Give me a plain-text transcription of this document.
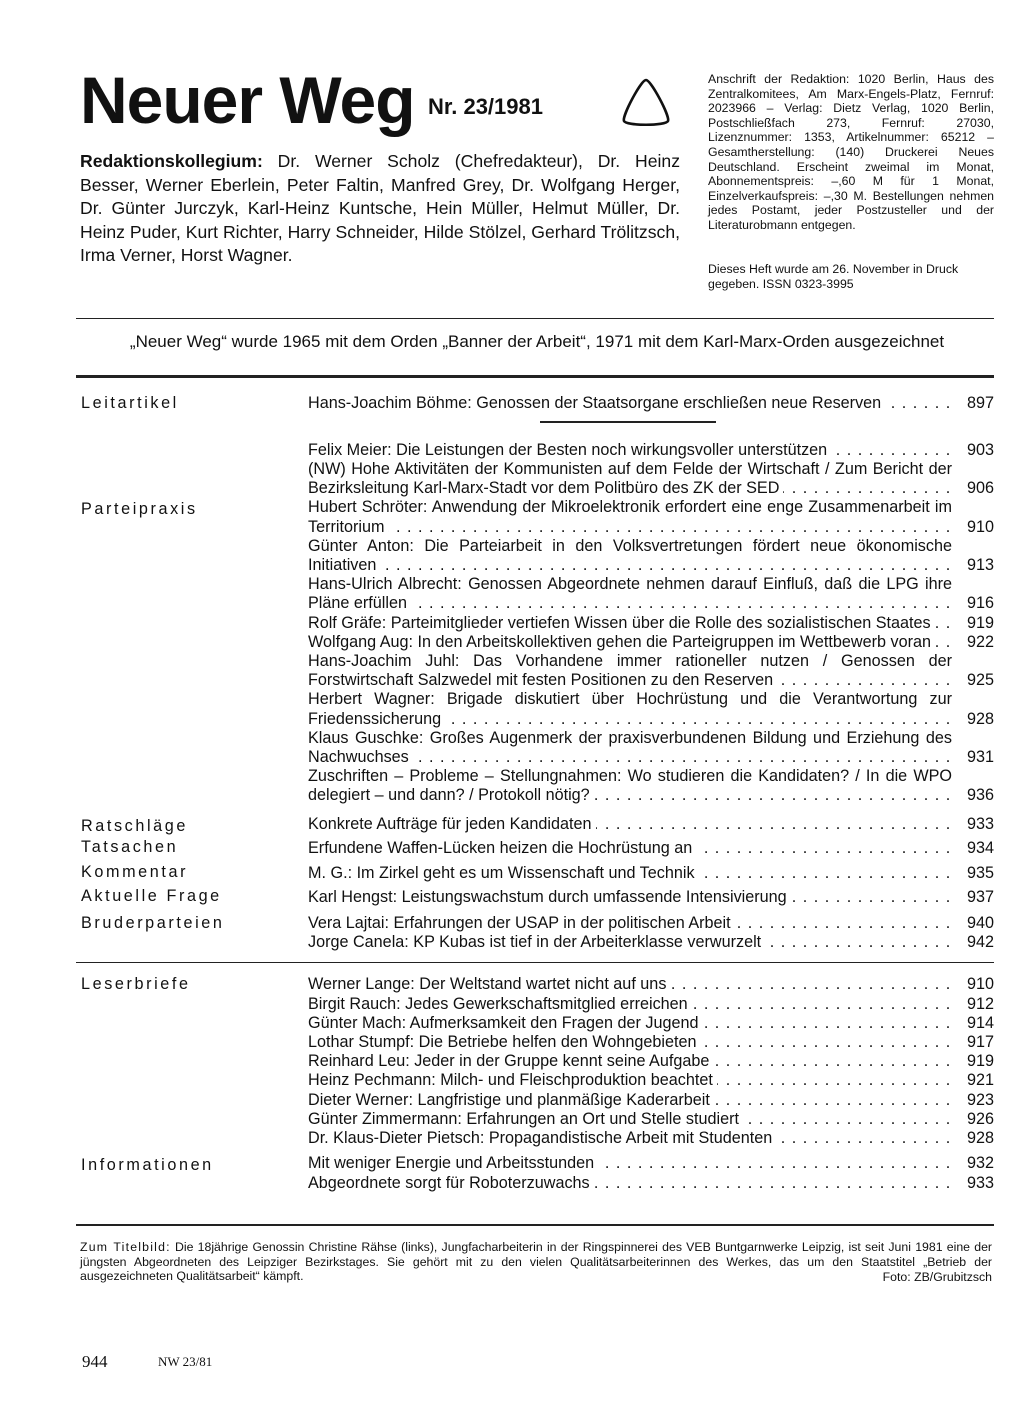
Neuer Weg Nr. 23/1981
Redaktionskollegium: Dr. Werner Scholz (Chefredakteur), Dr. Heinz Besser, Werner Eberlein, Peter Faltin, Manfred Grey, Dr. Wolfgang Herger, Dr. Günter Jurczyk, Karl-Heinz Kuntsche, Hein Müller, Helmut Müller, Dr. Heinz Puder, Kurt Richter, Harry Schneider, Hilde Stölzel, Gerhard Trölitzsch, Irma Verner, Horst Wagner.
Anschrift der Redaktion: 1020 Berlin, Haus des Zentralkomitees, Am Marx-Engels-Platz, Fernruf: 2023966 – Verlag: Dietz Verlag, 1020 Berlin, Postschließfach 273, Fernruf: 27030, Lizenznummer: 1353, Artikelnummer: 65212 – Gesamtherstellung: (140) Druckerei Neues Deutschland. Erscheint zweimal im Monat, Abonnementspreis: –,60 M für 1 Monat, Einzelverkaufspreis: –,30 M. Bestellungen nehmen jedes Postamt, jeder Postzusteller und der Literaturobmann entgegen.
Dieses Heft wurde am 26. November in Druck gegeben. ISSN 0323-3995
„Neuer Weg“ wurde 1965 mit dem Orden „Banner der Arbeit“, 1971 mit dem Karl-Marx-Orden ausgezeichnet
Leitartikel	Hans-Joachim Böhme: Genossen der Staatsorgane erschließen neue Reserven . . .	897
Felix Meier: Die Leistungen der Besten noch wirkungsvoller unterstützen . . .	903
(NW) Hohe Aktivitäten der Kommunisten auf dem Felde der Wirtschaft / Zum Bericht der Bezirksleitung Karl-Marx-Stadt vor dem Politbüro des ZK der SED . . .	906
Parteipraxis	Hubert Schröter: Anwendung der Mikroelektronik erfordert eine enge Zusammenarbeit im Territorium . . .	910
Günter Anton: Die Parteiarbeit in den Volksvertretungen fördert neue ökonomische Initiativen . . .	913
Hans-Ulrich Albrecht: Genossen Abgeordnete nehmen darauf Einfluß, daß die LPG ihre Pläne erfüllen . . .	916
Rolf Gräfe: Parteimitglieder vertiefen Wissen über die Rolle des sozialistischen Staates . . .	919
Wolfgang Aug: In den Arbeitskollektiven gehen die Parteigruppen im Wettbewerb voran . . .	922
Hans-Joachim Juhl: Das Vorhandene immer rationeller nutzen / Genossen der Forstwirtschaft Salzwedel mit festen Positionen zu den Reserven . . .	925
Herbert Wagner: Brigade diskutiert über Hochrüstung und die Verantwortung zur Friedenssicherung . . .	928
Klaus Guschke: Großes Augenmerk der praxisverbundenen Bildung und Erziehung des Nachwuchses . . .	931
Zuschriften – Probleme – Stellungnahmen: Wo studieren die Kandidaten? / In die WPO delegiert – und dann? / Protokoll nötig? . . .	936
Ratschläge	Konkrete Aufträge für jeden Kandidaten . . .	933
Tatsachen	Erfundene Waffen-Lücken heizen die Hochrüstung an . . .	934
Kommentar	M. G.: Im Zirkel geht es um Wissenschaft und Technik . . .	935
Aktuelle Frage	Karl Hengst: Leistungswachstum durch umfassende Intensivierung . . .	937
Bruderparteien	Vera Lajtai: Erfahrungen der USAP in der politischen Arbeit . . .	940
Jorge Canela: KP Kubas ist tief in der Arbeiterklasse verwurzelt . . .	942
Leserbriefe	Werner Lange: Der Weltstand wartet nicht auf uns . . .	910
Birgit Rauch: Jedes Gewerkschaftsmitglied erreichen . . .	912
Günter Mach: Aufmerksamkeit den Fragen der Jugend . . .	914
Lothar Stumpf: Die Betriebe helfen den Wohngebieten . . .	917
Reinhard Leu: Jeder in der Gruppe kennt seine Aufgabe . . .	919
Heinz Pechmann: Milch- und Fleischproduktion beachtet . . .	921
Dieter Werner: Langfristige und planmäßige Kaderarbeit . . .	923
Günter Zimmermann: Erfahrungen an Ort und Stelle studiert . . .	926
Dr. Klaus-Dieter Pietsch: Propagandistische Arbeit mit Studenten . . .	928
Informationen	Mit weniger Energie und Arbeitsstunden . . .	932
Abgeordnete sorgt für Roboterzuwachs . . .	933
Zum Titelbild: Die 18jährige Genossin Christine Rähse (links), Jungfacharbeiterin in der Ringspinnerei des VEB Buntgarnwerke Leipzig, ist seit Juni 1981 eine der jüngsten Abgeordneten des Leipziger Bezirkstages. Sie gehört mit zu den vielen Qualitätsarbeiterinnen des Werkes, das um den Staatstitel „Betrieb der ausgezeichneten Qualitätsarbeit“ kämpft.	Foto: ZB/Grubitzsch
944	NW 23/81
